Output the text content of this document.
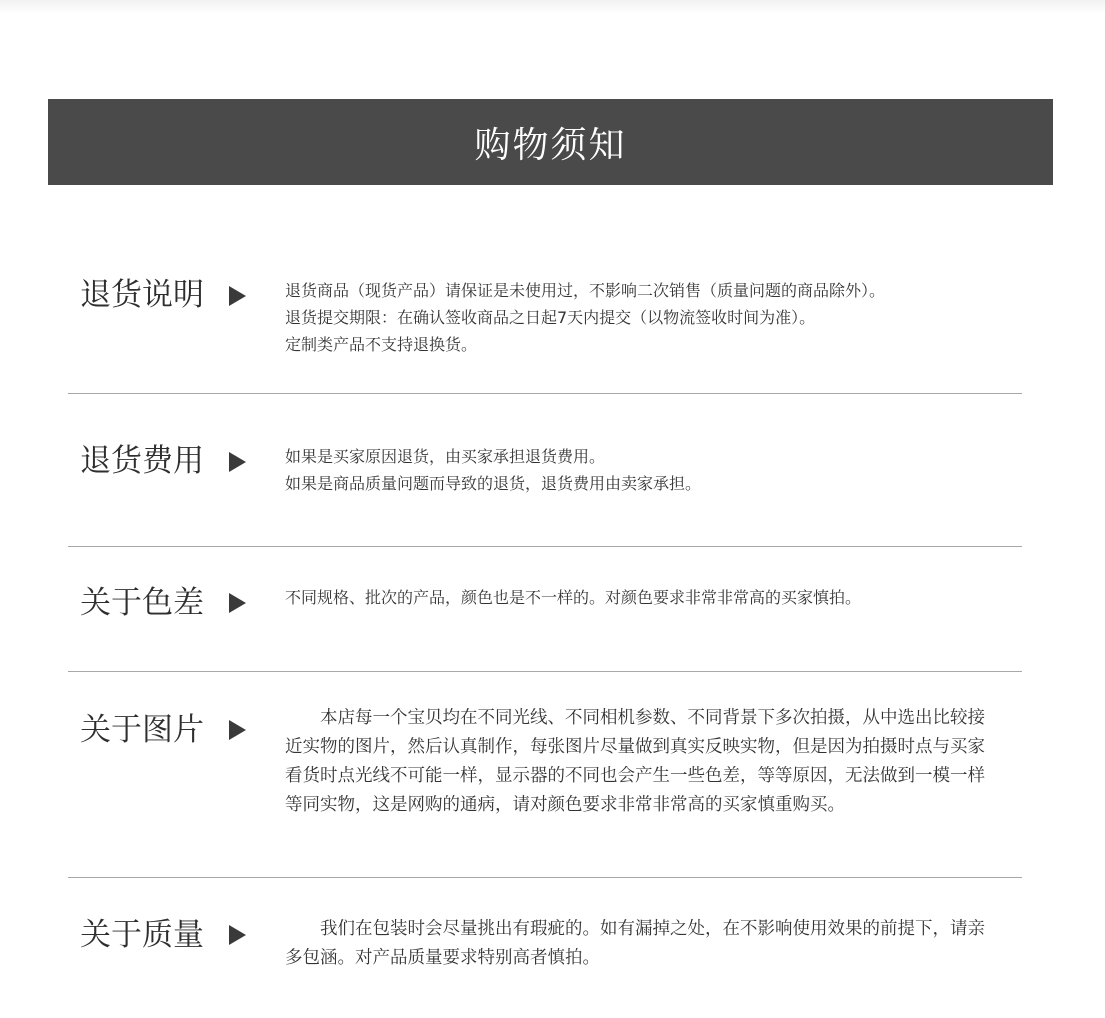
购物须知
退货说明	退货商品（现货产品）请保证是未使用过，不影响二次销售（质量问题的商品除外）。

退货提交期限：在确认签收商品之日起7天内提交（以物流签收时间为准）。

定制类产品不支持退换货。

退货费用	如果是买家原因退货，由买家承担退货费用。

如果是商品质量问题而导致的退货，退货费用由卖家承担。

关于色差	不同规格、批次的产品，颜色也是不一样的。对颜色要求非常非常高的买家慎拍。

关于图片	本店每一个宝贝均在不同光线、不同相机参数、不同背景下多次拍摄，从中选出比较接近实物的图片，然后认真制作，每张图片尽量做到真实反映实物，但是因为拍摄时点与买家看货时点光线不可能一样，显示器的不同也会产生一些色差，等等原因，无法做到一模一样等同实物，这是网购的通病，请对颜色要求非常非常高的买家慎重购买。

关于质量	我们在包装时会尽量挑出有瑕疵的。如有漏掉之处，在不影响使用效果的前提下，请亲多包涵。对产品质量要求特别高者慎拍。
